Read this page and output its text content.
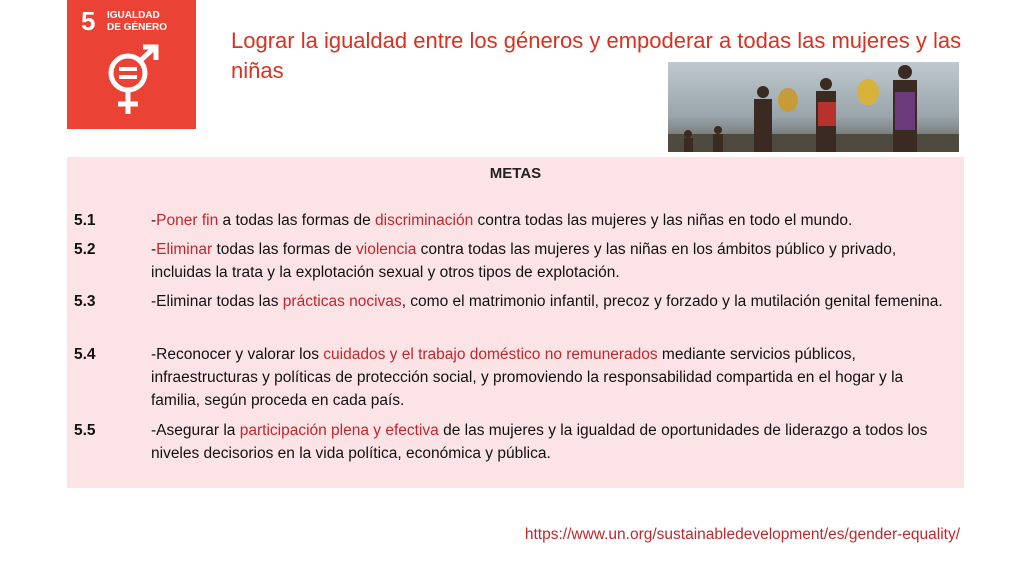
5 IGUALDAD
DE GÉNERO
Lograr la igualdad entre los géneros y empoderar a todas las mujeres y las niñas
METAS
5.1	-Poner fin a todas las formas de discriminación contra todas las mujeres y las niñas en todo el mundo.
5.2	-Eliminar todas las formas de violencia contra todas las mujeres y las niñas en los ámbitos público y privado, incluidas la trata y la explotación sexual y otros tipos de explotación.
5.3	-Eliminar todas las prácticas nocivas, como el matrimonio infantil, precoz y forzado y la mutilación genital femenina.
5.4	-Reconocer y valorar los cuidados y el trabajo doméstico no remunerados mediante servicios públicos, infraestructuras y políticas de protección social, y promoviendo la responsabilidad compartida en el hogar y la familia, según proceda en cada país.
5.5	-Asegurar la participación plena y efectiva de las mujeres y la igualdad de oportunidades de liderazgo a todos los niveles decisorios en la vida política, económica y pública.
https://www.un.org/sustainabledevelopment/es/gender-equality/
